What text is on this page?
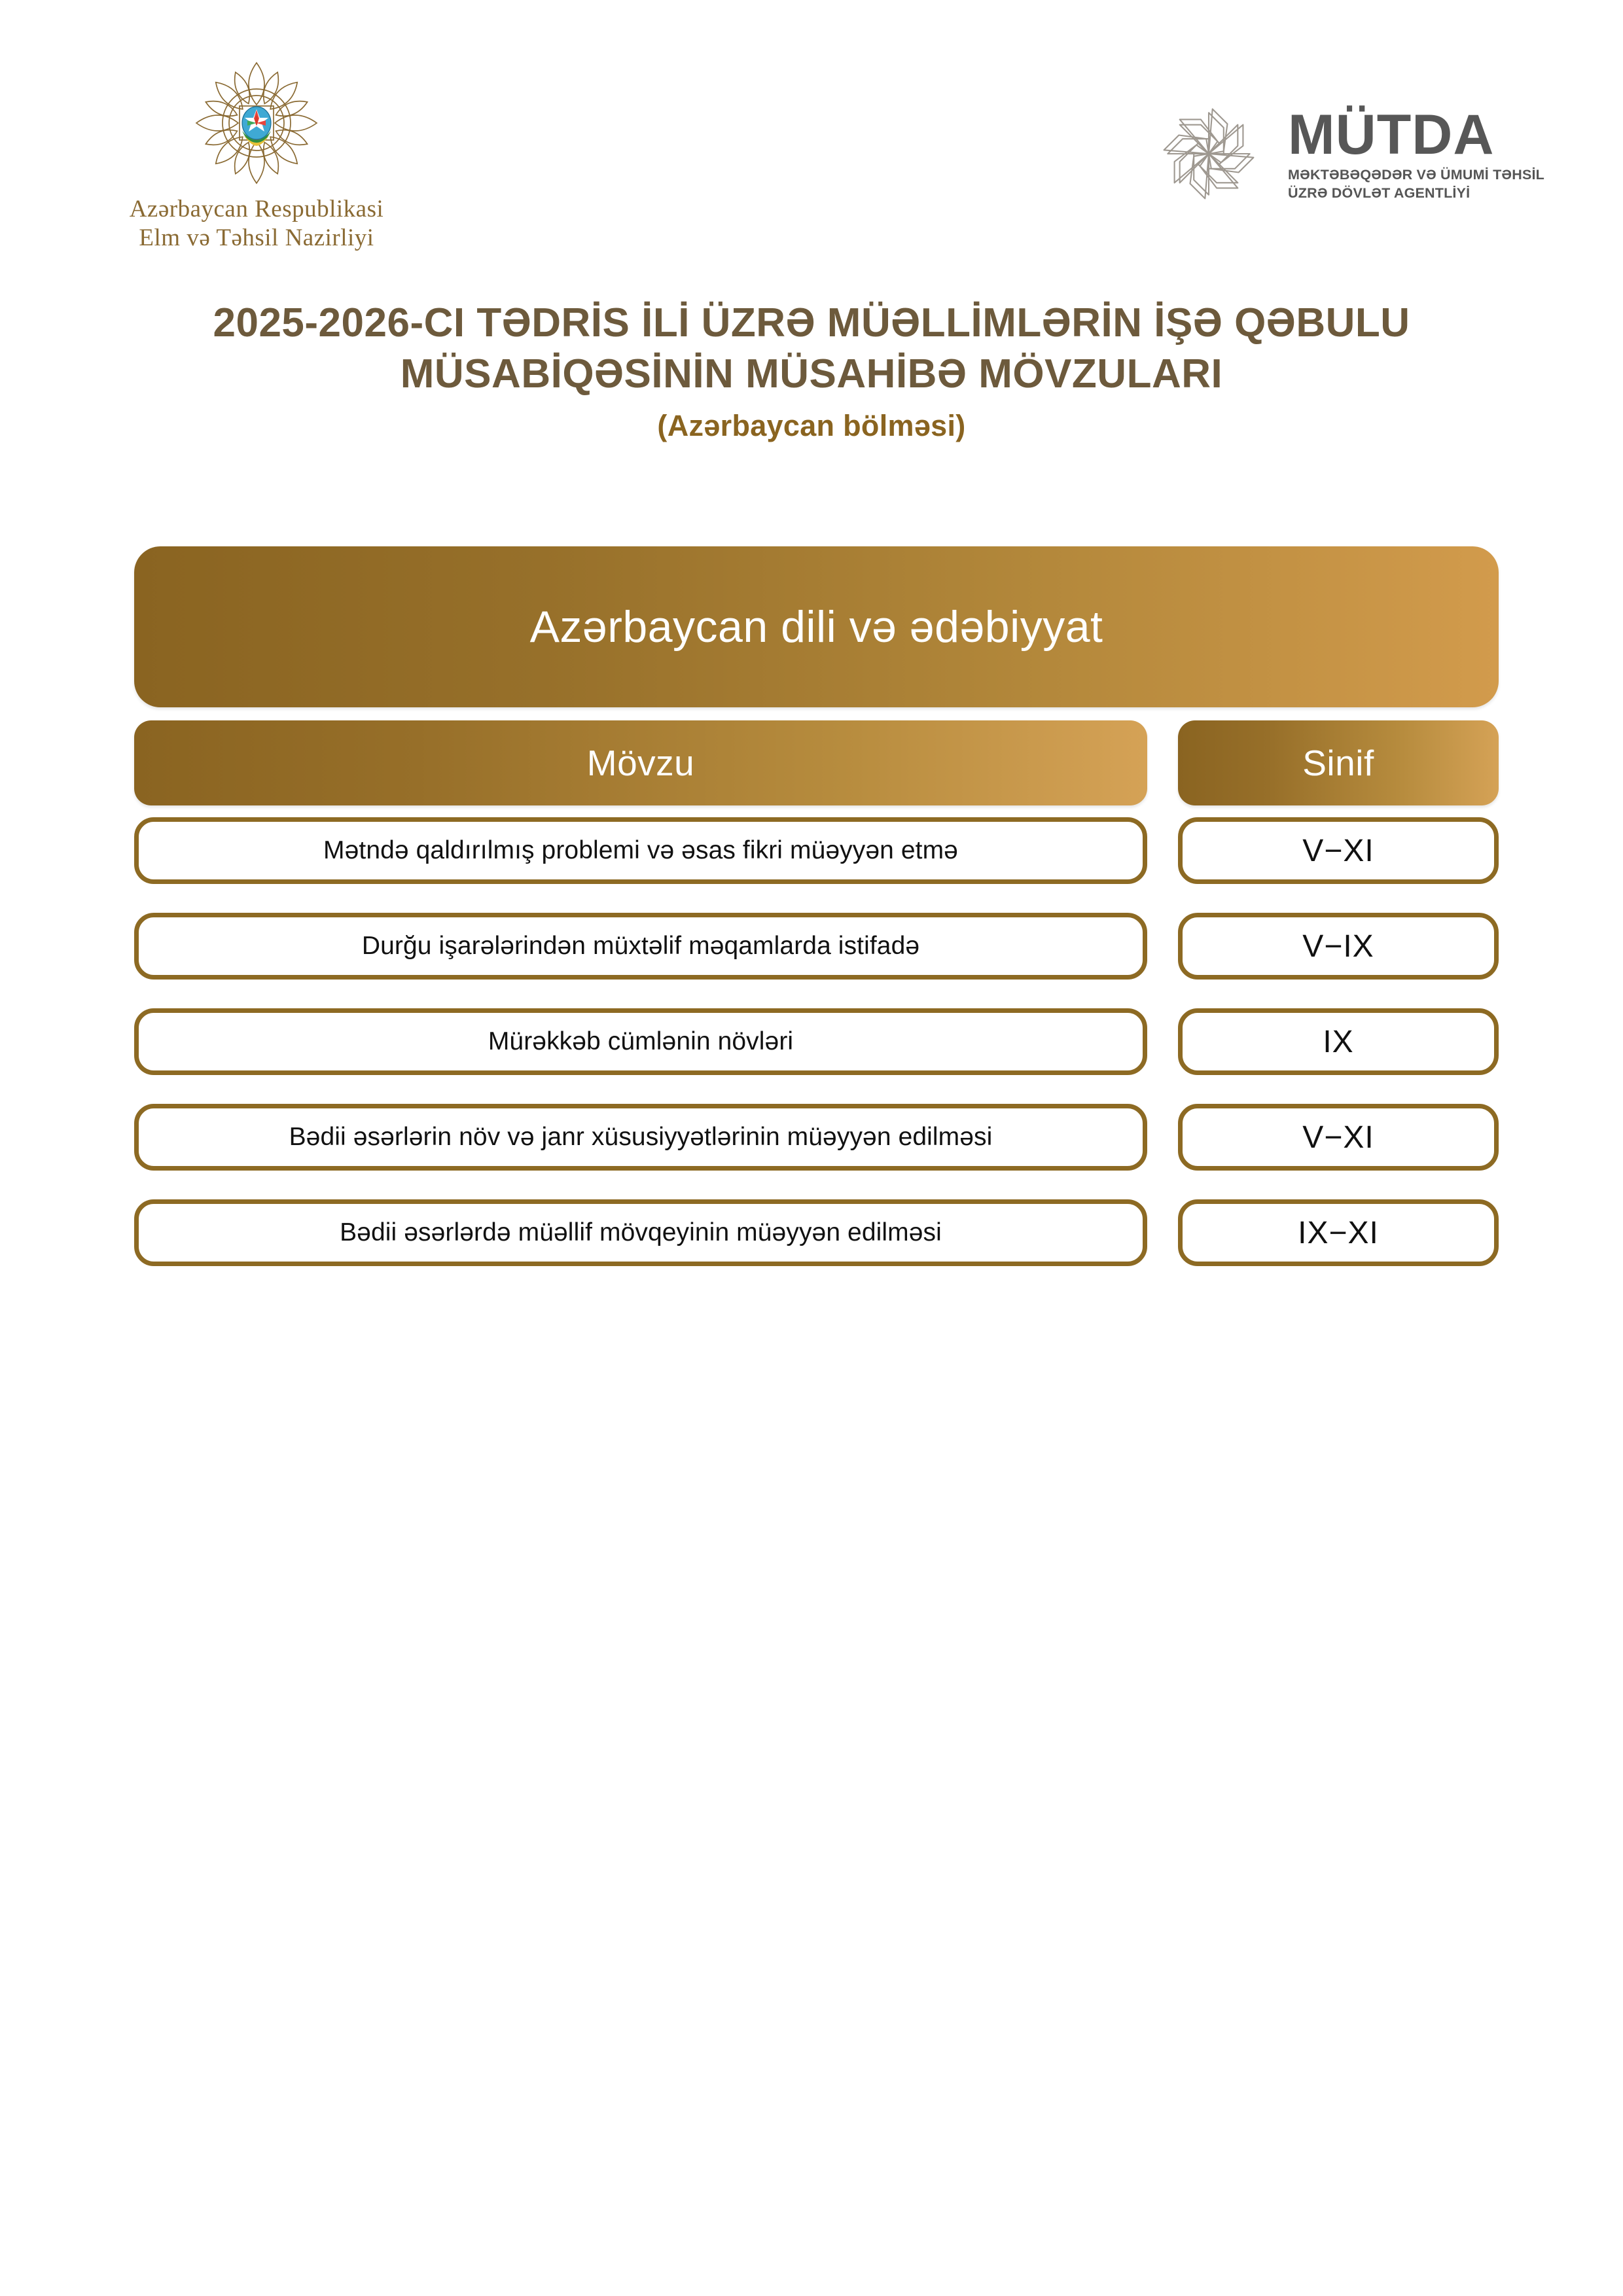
Azərbaycan Respublikasi
Elm və Təhsil Nazirliyi
MÜTDA
MƏKTƏBƏQƏDƏR VƏ ÜMUMİ TƏHSİL
ÜZRƏ DÖVLƏT AGENTLİYİ
2025-2026-CI TƏDRİS İLİ ÜZRƏ MÜƏLLİMLƏRİN İŞƏ QƏBULU
MÜSABİQƏSİNİN MÜSAHİBƏ MÖVZULARI
(Azərbaycan bölməsi)
Azərbaycan dili və ədəbiyyat
Mövzu	Sinif
Mətndə qaldırılmış problemi və əsas fikri müəyyən etmə	V−XI
Durğu işarələrindən müxtəlif məqamlarda istifadə	V−IX
Mürəkkəb cümlənin növləri	IX
Bədii əsərlərin növ və janr xüsusiyyətlərinin müəyyən edilməsi	V−XI
Bədii əsərlərdə müəllif mövqeyinin müəyyən edilməsi	IX−XI
